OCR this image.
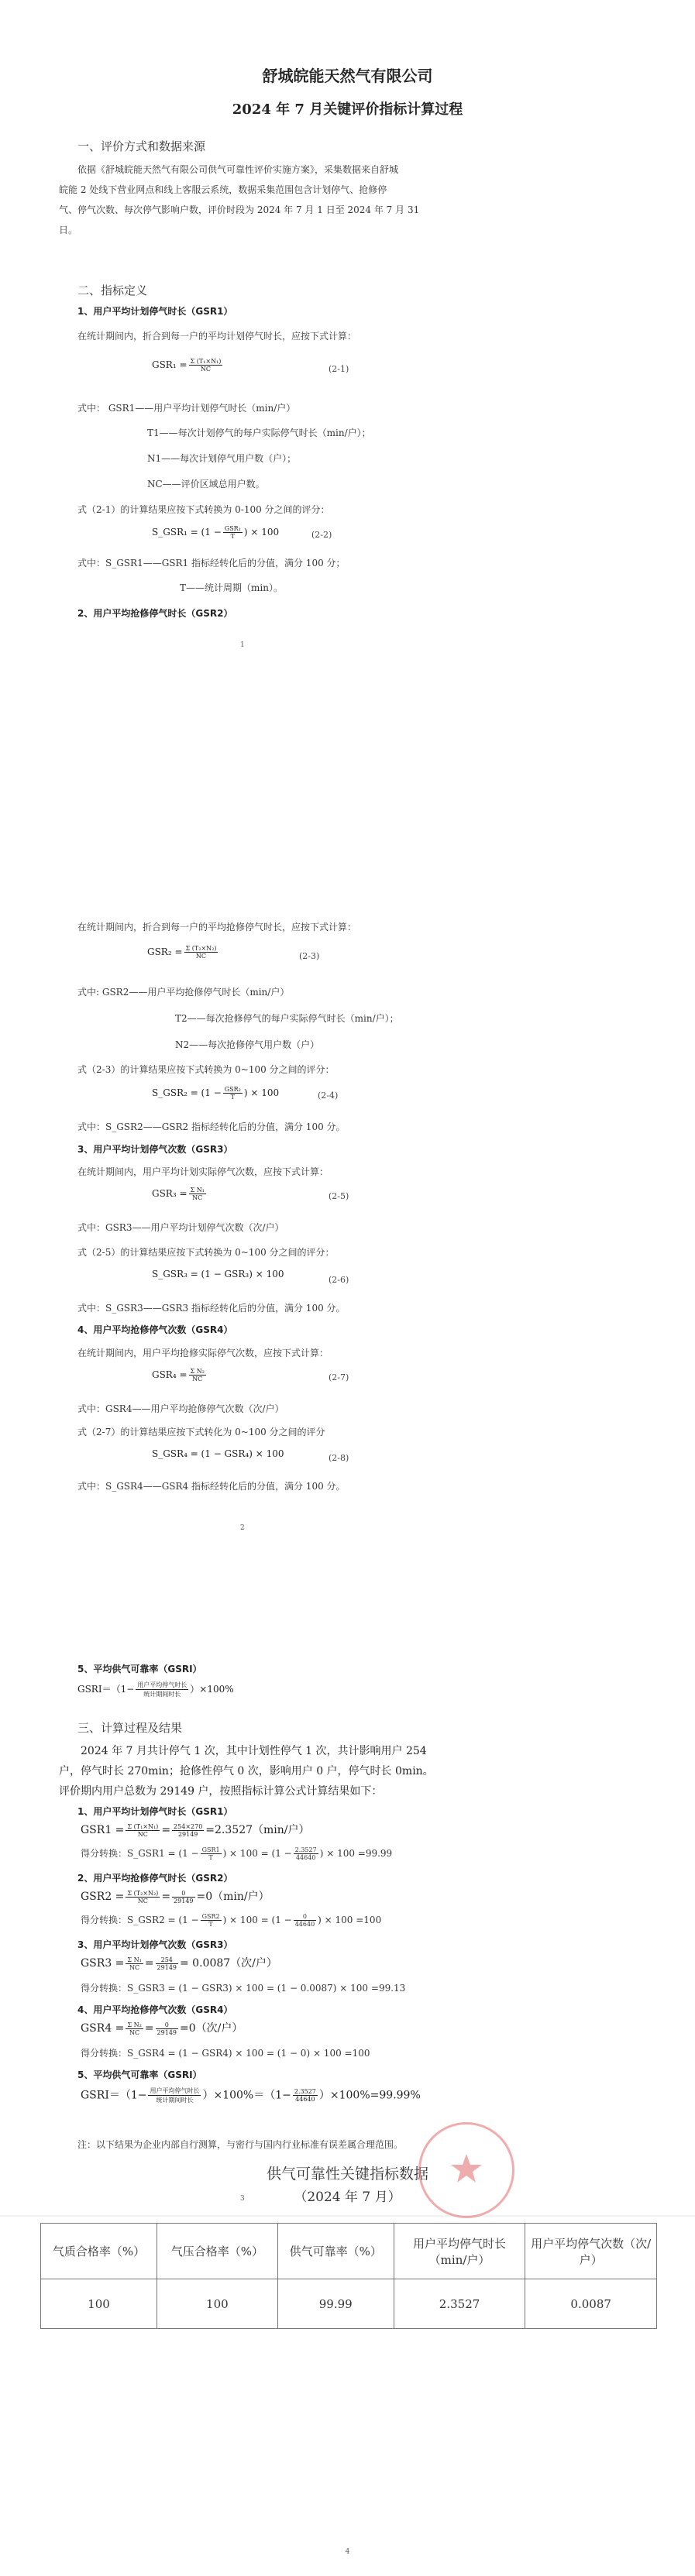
舒城皖能天然气有限公司
2024 年 7 月关键评价指标计算过程
一、评价方式和数据来源
依据《舒城皖能天然气有限公司供气可靠性评价实施方案》，采集数据来自舒城
皖能 2 处线下营业网点和线上客服云系统，数据采集范围包含计划停气、抢修停
气、停气次数、每次停气影响户数，评价时段为 2024 年 7 月 1 日至 2024 年 7 月 31
日。
二、指标定义
1、用户平均计划停气时长（GSR1）
在统计期间内，折合到每一户的平均计划停气时长，应按下式计算：
$GSR_1 = \frac{\text{Σ (T₁×N₁)}}{NC}$	(2-1)
式中： GSR1——用户平均计划停气时长（min/户）
T1——每次计划停气的每户实际停气时长（min/户）；
N1——每次计划停气用户数（户）；
NC——评价区域总用户数。
式（2-1）的计算结果应按下式转换为 0-100 分之间的评分：
S_GSR₁ = ($1 - \frac{\text{GSR₁}}{T}$ ) × 100	(2-2)
式中：S_GSR1——GSR1 指标经转化后的分值，满分 100 分；
T——统计周期（min）。
2、用户平均抢修停气时长（GSR2）
1
在统计期间内，折合到每一户的平均抢修停气时长，应按下式计算：
$GSR_2 = \frac{\text{Σ (T₂×N₂)}}{NC}$	(2-3)
式中: GSR2——用户平均抢修停气时长（min/户）
T2——每次抢修停气的每户实际停气时长（min/户）；
N2——每次抢修停气用户数（户）
式（2-3）的计算结果应按下式转换为 0~100 分之间的评分：
S_GSR₂ = ($1 - \frac{\text{GSR₂}}{T}$ ) × 100	(2-4)
式中：S_GSR2——GSR2 指标经转化后的分值，满分 100 分。
3、用户平均计划停气次数（GSR3）
在统计期间内，用户平均计划实际停气次数，应按下式计算：
$GSR_3 = \frac{\text{Σ N₁}}{NC}$	(2-5)
式中：GSR3——用户平均计划停气次数（次/户）
式（2-5）的计算结果应按下式转换为 0~100 分之间的评分：
S_GSR₃ = (1 − GSR₃) × 100
(2-6)
式中：S_GSR3——GSR3 指标经转化后的分值，满分 100 分。
4、用户平均抢修停气次数（GSR4）
在统计期间内，用户平均抢修实际停气次数，应按下式计算：
$GSR_4 = \frac{\text{Σ N₂}}{NC}$	(2-7)
式中：GSR4——用户平均抢修停气次数（次/户）
式（2-7）的计算结果应按下式转化为 0~100 分之间的评分
S_GSR₄ = (1 − GSR₄) × 100	(2-8)
式中：S_GSR4——GSR4 指标经转化后的分值，满分 100 分。
2
5、平均供气可靠率（GSRI）
GSRI＝（1− $\frac{\text{用户平均停气时长}}{\text{统计期间时长}} )\times 100\%$
三、计算过程及结果
2024 年 7 月共计停气 1 次，其中计划性停气 1 次，共计影响用户 254
户，停气时长 270min；抢修性停气 0 次，影响用户 0 户，停气时长 0min。
评价期内用户总数为 29149 户，按照指标计算公式计算结果如下：
1、用户平均计划停气时长（GSR1）
$GSR1 = \frac{\text{Σ (T₁×N₁)}}{NC} = \frac{254\times 270}{29149} =2.3527(\min/$户）
得分转换：S_GSR1 = ($1 - \frac{\text{GSR1}}{T}$ ) × $100 = (1 - \frac{2.3527}{44640}$ ) × 100 =99.99
2、用户平均抢修停气时长（GSR2）
$GSR2 = \frac{\text{Σ (T₂×N₂)}}{NC} = \frac{0}{29149} =0(\min/$户）
得分转换：S_GSR2 = ($1 - \frac{\text{GSR2}}{T}$ ) × $100 = (1 - \frac{0}{44640}$ ) × 100 =100
3、用户平均计划停气次数（GSR3）
$GSR3 = \frac{\text{Σ N₁}}{NC} = \frac{254}{29149} = 0.0087$（次/户）
得分转换：S_GSR3 = (1 − GSR3) × 100 = (1 − 0.0087) × 100 =99.13
4、用户平均抢修停气次数（GSR4）
$GSR4 = \frac{\text{Σ N₂}}{NC} = \frac{0}{29149} =0$（次/户）
得分转换：S_GSR4 = (1 − GSR4) × 100 = (1 − 0) × 100 =100
5、平均供气可靠率（GSRI）
GSRI＝（1− $\frac{\text{用户平均停气时长}}{\text{统计期间时长}} )\times 100\%=(1- \frac{2.3527}{44640} )\times 100\%=99.99\%$
注：以下结果为企业内部自行测算，与密行与国内行业标准有误差属合理范围。
3
供气可靠性关键指标数据
（2024 年 7 月）
气质合格率（%）	气压合格率（%）	供气可靠率（%）	用户平均停气时长（min/户）	用户平均停气次数（次/户）
100	100	99.99	2.3527	0.0087
4
